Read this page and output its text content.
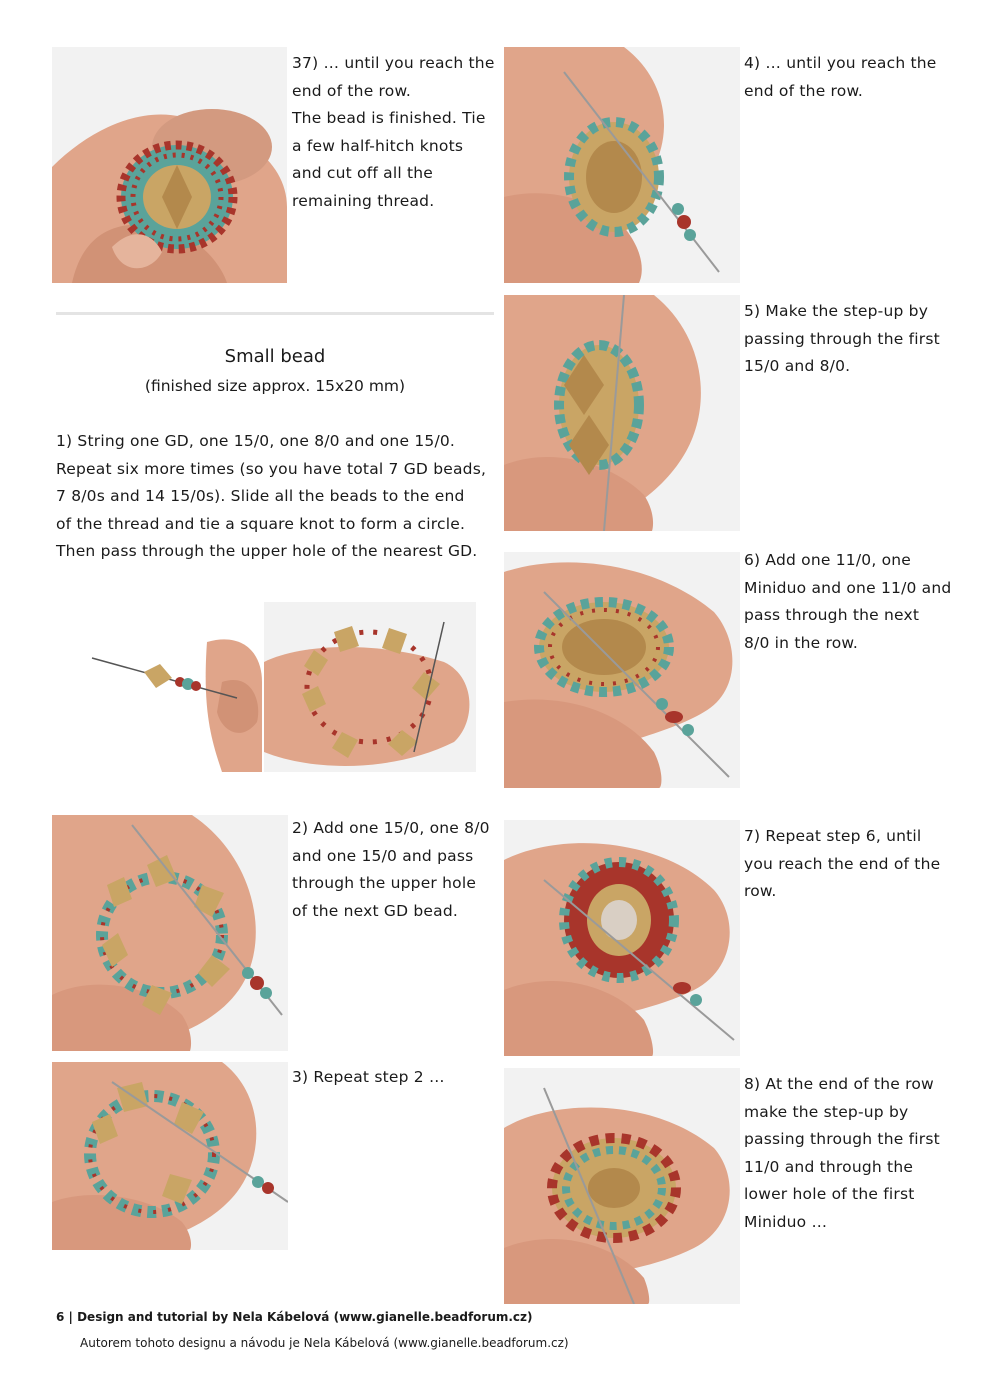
37) … until you reach the
end of the row.
The bead is finished. Tie
a few half-hitch knots
and cut off all the
remaining thread.
4) … until you reach the
end of the row.
Small bead
(finished size approx. 15x20 mm)
5) Make the step-up by
passing through the first
15/0 and 8/0.
1) String one GD, one 15/0, one 8/0 and one 15/0.
Repeat six more times (so you have total 7 GD beads,
7 8/0s and 14 15/0s). Slide all the beads to the end
of the thread and tie a square knot to form a circle.
Then pass through the upper hole of the nearest GD.	6) Add one 11/0, one
Miniduo and one 11/0 and
pass through the next
8/0 in the row.
2) Add one 15/0, one 8/0
and one 15/0 and pass
through the upper hole
of the next GD bead.
7) Repeat step 6, until
you reach the end of the
row.
3) Repeat step 2 …	8) At the end of the row
make the step-up by
passing through the first
11/0 and through the
lower hole of the first
Miniduo …
6 | Design and tutorial by Nela Kábelová (www.gianelle.beadforum.cz)
Autorem tohoto designu a návodu je Nela Kábelová (www.gianelle.beadforum.cz)
